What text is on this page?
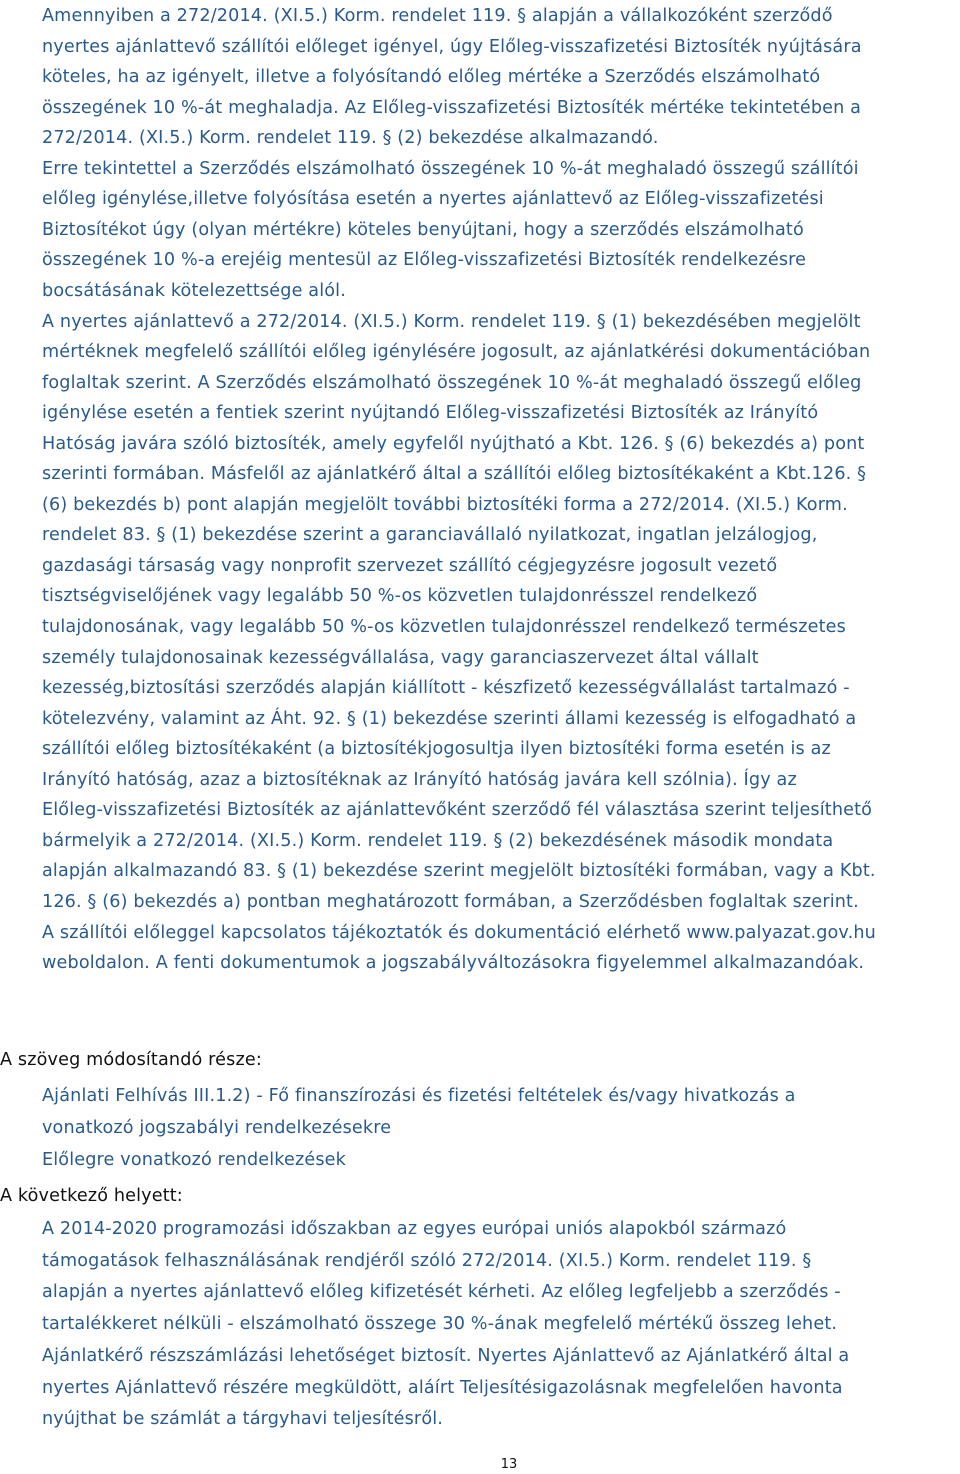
Amennyiben a 272/2014. (XI.5.) Korm. rendelet 119. § alapján a vállalkozóként szerződő
nyertes ajánlattevő szállítói előleget igényel, úgy Előleg-visszafizetési Biztosíték nyújtására
köteles, ha az igényelt, illetve a folyósítandó előleg mértéke a Szerződés elszámolható
összegének 10 %-át meghaladja. Az Előleg-visszafizetési Biztosíték mértéke tekintetében a
272/2014. (XI.5.) Korm. rendelet 119. § (2) bekezdése alkalmazandó.
Erre tekintettel a Szerződés elszámolható összegének 10 %-át meghaladó összegű szállítói
előleg igénylése,illetve folyósítása esetén a nyertes ajánlattevő az Előleg-visszafizetési
Biztosítékot úgy (olyan mértékre) köteles benyújtani, hogy a szerződés elszámolható
összegének 10 %-a erejéig mentesül az Előleg-visszafizetési Biztosíték rendelkezésre
bocsátásának kötelezettsége alól.
A nyertes ajánlattevő a 272/2014. (XI.5.) Korm. rendelet 119. § (1) bekezdésében megjelölt
mértéknek megfelelő szállítói előleg igénylésére jogosult, az ajánlatkérési dokumentációban
foglaltak szerint. A Szerződés elszámolható összegének 10 %-át meghaladó összegű előleg
igénylése esetén a fentiek szerint nyújtandó Előleg-visszafizetési Biztosíték az Irányító
Hatóság javára szóló biztosíték, amely egyfelől nyújtható a Kbt. 126. § (6) bekezdés a) pont
szerinti formában. Másfelől az ajánlatkérő által a szállítói előleg biztosítékaként a Kbt.126. §
(6) bekezdés b) pont alapján megjelölt további biztosítéki forma a 272/2014. (XI.5.) Korm.
rendelet 83. § (1) bekezdése szerint a garanciavállaló nyilatkozat, ingatlan jelzálogjog,
gazdasági társaság vagy nonprofit szervezet szállító cégjegyzésre jogosult vezető
tisztségviselőjének vagy legalább 50 %-os közvetlen tulajdonrésszel rendelkező
tulajdonosának, vagy legalább 50 %-os közvetlen tulajdonrésszel rendelkező természetes
személy tulajdonosainak kezességvállalása, vagy garanciaszervezet által vállalt
kezesség,biztosítási szerződés alapján kiállított - készfizető kezességvállalást tartalmazó -
kötelezvény, valamint az Áht. 92. § (1) bekezdése szerinti állami kezesség is elfogadható a
szállítói előleg biztosítékaként (a biztosítékjogosultja ilyen biztosítéki forma esetén is az
Irányító hatóság, azaz a biztosítéknak az Irányító hatóság javára kell szólnia). Így az
Előleg-visszafizetési Biztosíték az ajánlattevőként szerződő fél választása szerint teljesíthető
bármelyik a 272/2014. (XI.5.) Korm. rendelet 119. § (2) bekezdésének második mondata
alapján alkalmazandó 83. § (1) bekezdése szerint megjelölt biztosítéki formában, vagy a Kbt.
126. § (6) bekezdés a) pontban meghatározott formában, a Szerződésben foglaltak szerint.
A szállítói előleggel kapcsolatos tájékoztatók és dokumentáció elérhető www.palyazat.gov.hu
weboldalon. A fenti dokumentumok a jogszabályváltozásokra figyelemmel alkalmazandóak.
A szöveg módosítandó része:
Ajánlati Felhívás III.1.2) - Fő finanszírozási és fizetési feltételek és/vagy hivatkozás a
vonatkozó jogszabályi rendelkezésekre
Előlegre vonatkozó rendelkezések
A következő helyett:
A 2014-2020 programozási időszakban az egyes európai uniós alapokból származó
támogatások felhasználásának rendjéről szóló 272/2014. (XI.5.) Korm. rendelet 119. §
alapján a nyertes ajánlattevő előleg kifizetését kérheti. Az előleg legfeljebb a szerződés -
tartalékkeret nélküli - elszámolható összege 30 %-ának megfelelő mértékű összeg lehet.
Ajánlatkérő részszámlázási lehetőséget biztosít. Nyertes Ajánlattevő az Ajánlatkérő által a
nyertes Ajánlattevő részére megküldött, aláírt Teljesítésigazolásnak megfelelően havonta
nyújthat be számlát a tárgyhavi teljesítésről.
13
